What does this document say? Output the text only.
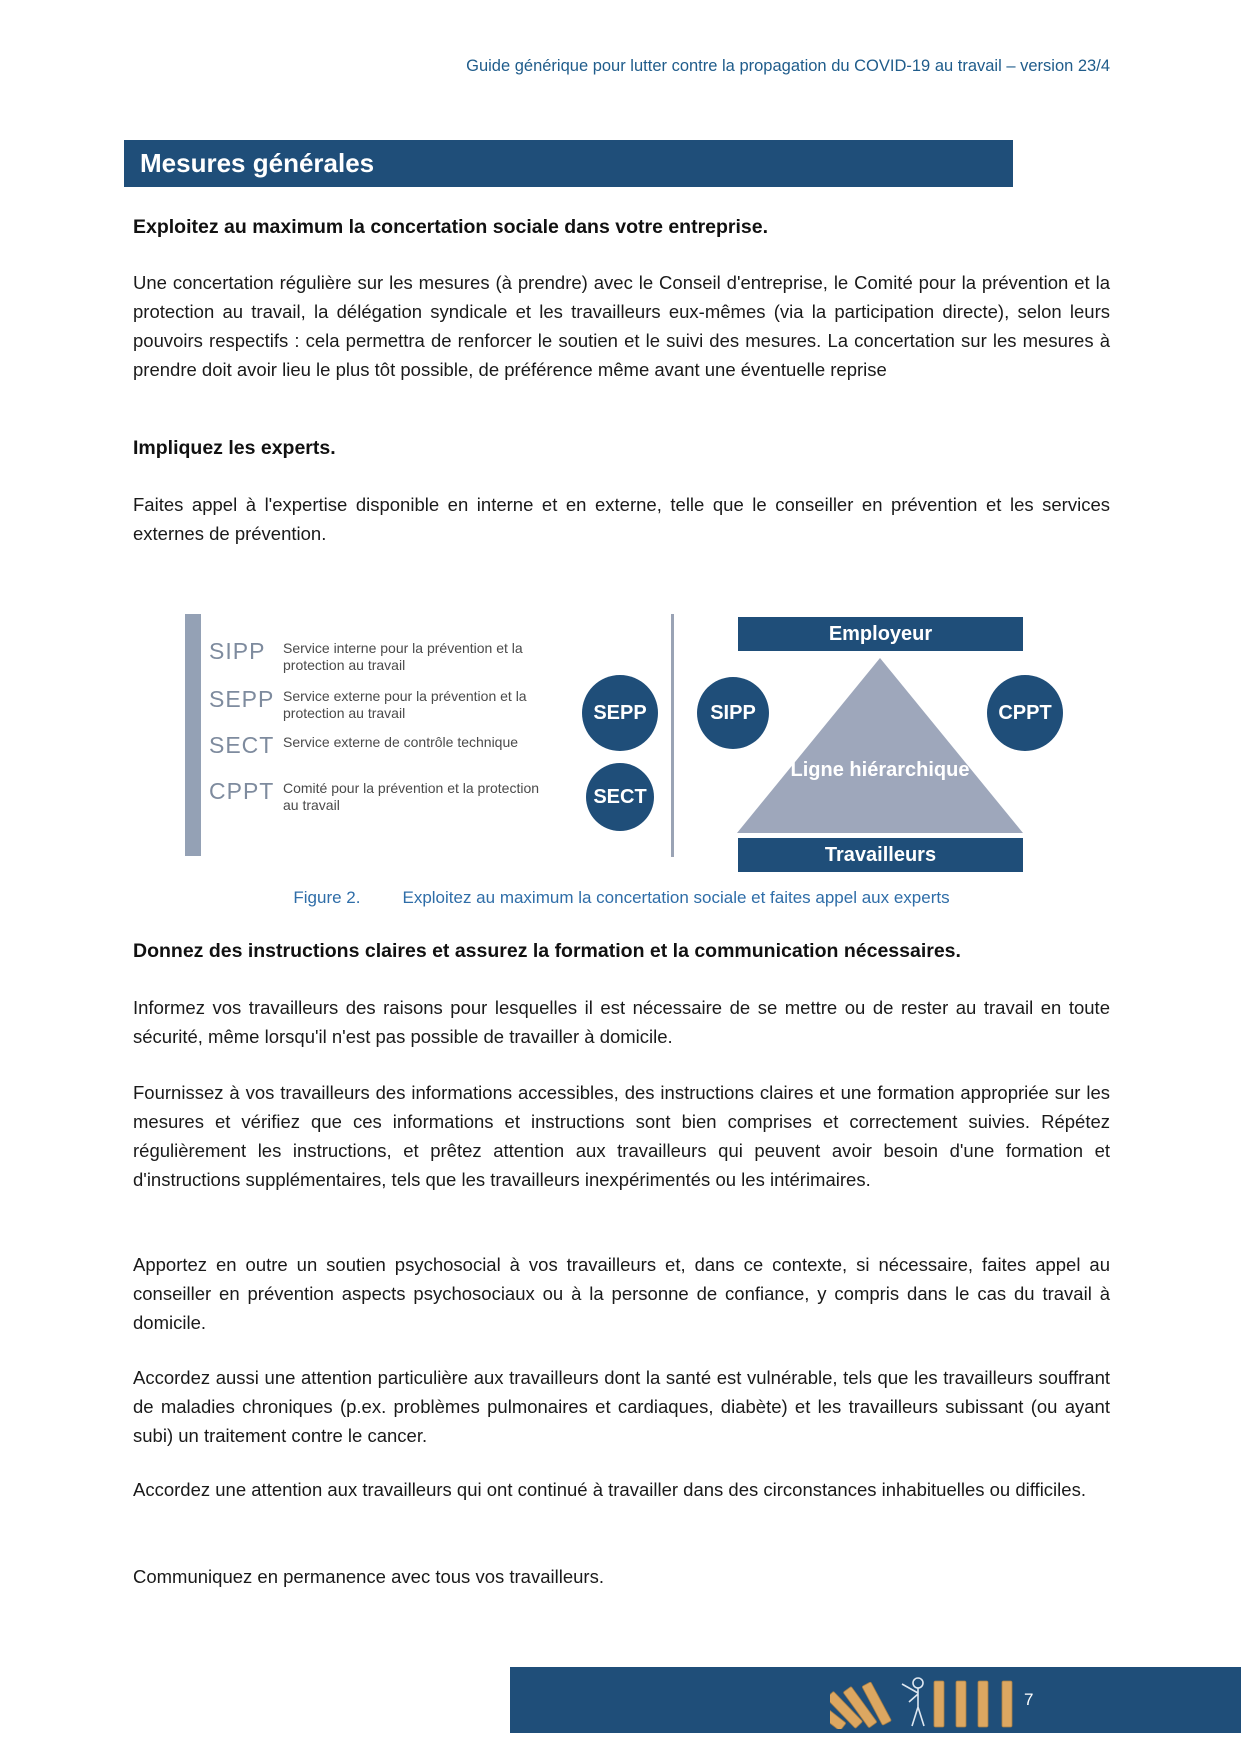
Guide générique pour lutter contre la propagation du COVID-19 au travail – version 23/4
Mesures générales
Exploitez au maximum la concertation sociale dans votre entreprise.
Une concertation régulière sur les mesures (à prendre) avec le Conseil d'entreprise, le Comité pour la prévention et la protection au travail, la délégation syndicale et les travailleurs eux-mêmes (via la participation directe), selon leurs pouvoirs respectifs : cela permettra de renforcer le soutien et le suivi des mesures. La concertation sur les mesures à prendre doit avoir lieu le plus tôt possible, de préférence même avant une éventuelle reprise
Impliquez les experts.
Faites appel à l'expertise disponible en interne et en externe, telle que le conseiller en prévention et les services externes de prévention.
SIPP Service interne pour la prévention et la protection au travail
SEPP Service externe pour la prévention et la protection au travail
SECT Service externe de contrôle technique
CPPT Comité pour la prévention et la protection au travail
SEPP
SECT
SIPP
Employeur
Ligne hiérarchique
CPPT
Travailleurs
Figure 2. Exploitez au maximum la concertation sociale et faites appel aux experts
Donnez des instructions claires et assurez la formation et la communication nécessaires.
Informez vos travailleurs des raisons pour lesquelles il est nécessaire de se mettre ou de rester au travail en toute sécurité, même lorsqu'il n'est pas possible de travailler à domicile.
Fournissez à vos travailleurs des informations accessibles, des instructions claires et une formation appropriée sur les mesures et vérifiez que ces informations et instructions sont bien comprises et correctement suivies. Répétez régulièrement les instructions, et prêtez attention aux travailleurs qui peuvent avoir besoin d'une formation et d'instructions supplémentaires, tels que les travailleurs inexpérimentés ou les intérimaires.
Apportez en outre un soutien psychosocial à vos travailleurs et, dans ce contexte, si nécessaire, faites appel au conseiller en prévention aspects psychosociaux ou à la personne de confiance, y compris dans le cas du travail à domicile.
Accordez aussi une attention particulière aux travailleurs dont la santé est vulnérable, tels que les travailleurs souffrant de maladies chroniques (p.ex. problèmes pulmonaires et cardiaques, diabète) et les travailleurs subissant (ou ayant subi) un traitement contre le cancer.
Accordez une attention aux travailleurs qui ont continué à travailler dans des circonstances inhabituelles ou difficiles.
Communiquez en permanence avec tous vos travailleurs.
7
